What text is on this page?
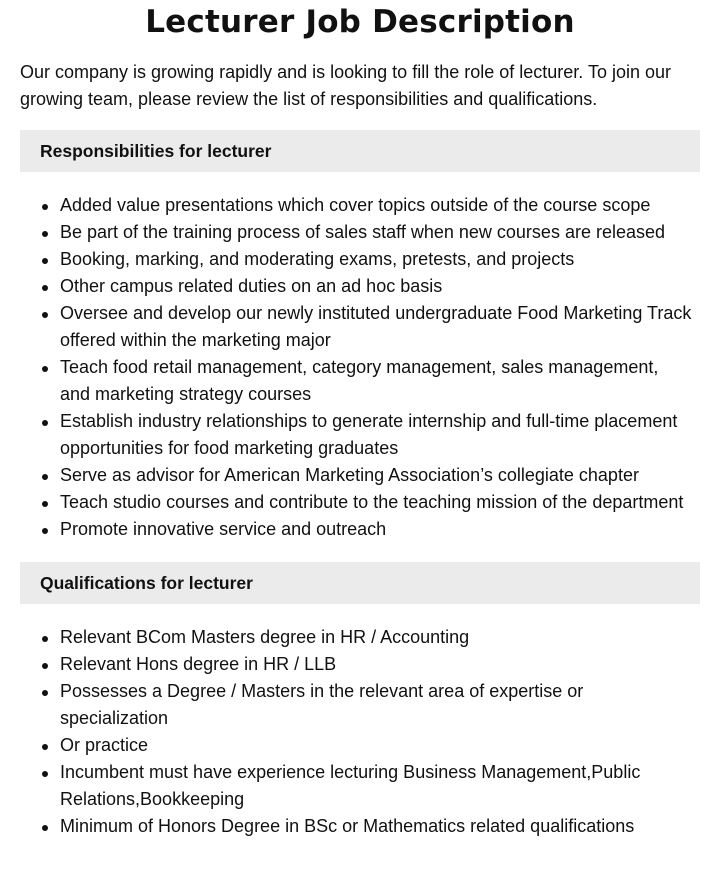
Lecturer Job Description

Our company is growing rapidly and is looking to fill the role of lecturer. To join our growing team, please review the list of responsibilities and qualifications.

Responsibilities for lecturer
Added value presentations which cover topics outside of the course scope
Be part of the training process of sales staff when new courses are released
Booking, marking, and moderating exams, pretests, and projects
Other campus related duties on an ad hoc basis
Oversee and develop our newly instituted undergraduate Food Marketing Track offered within the marketing major
Teach food retail management, category management, sales management, and marketing strategy courses
Establish industry relationships to generate internship and full-time placement opportunities for food marketing graduates
Serve as advisor for American Marketing Association’s collegiate chapter
Teach studio courses and contribute to the teaching mission of the department
Promote innovative service and outreach
Qualifications for lecturer
Relevant BCom Masters degree in HR / Accounting
Relevant Hons degree in HR / LLB
Possesses a Degree / Masters in the relevant area of expertise or specialization
Or practice
Incumbent must have experience lecturing Business Management,Public Relations,Bookkeeping
Minimum of Honors Degree in BSc or Mathematics related qualifications
